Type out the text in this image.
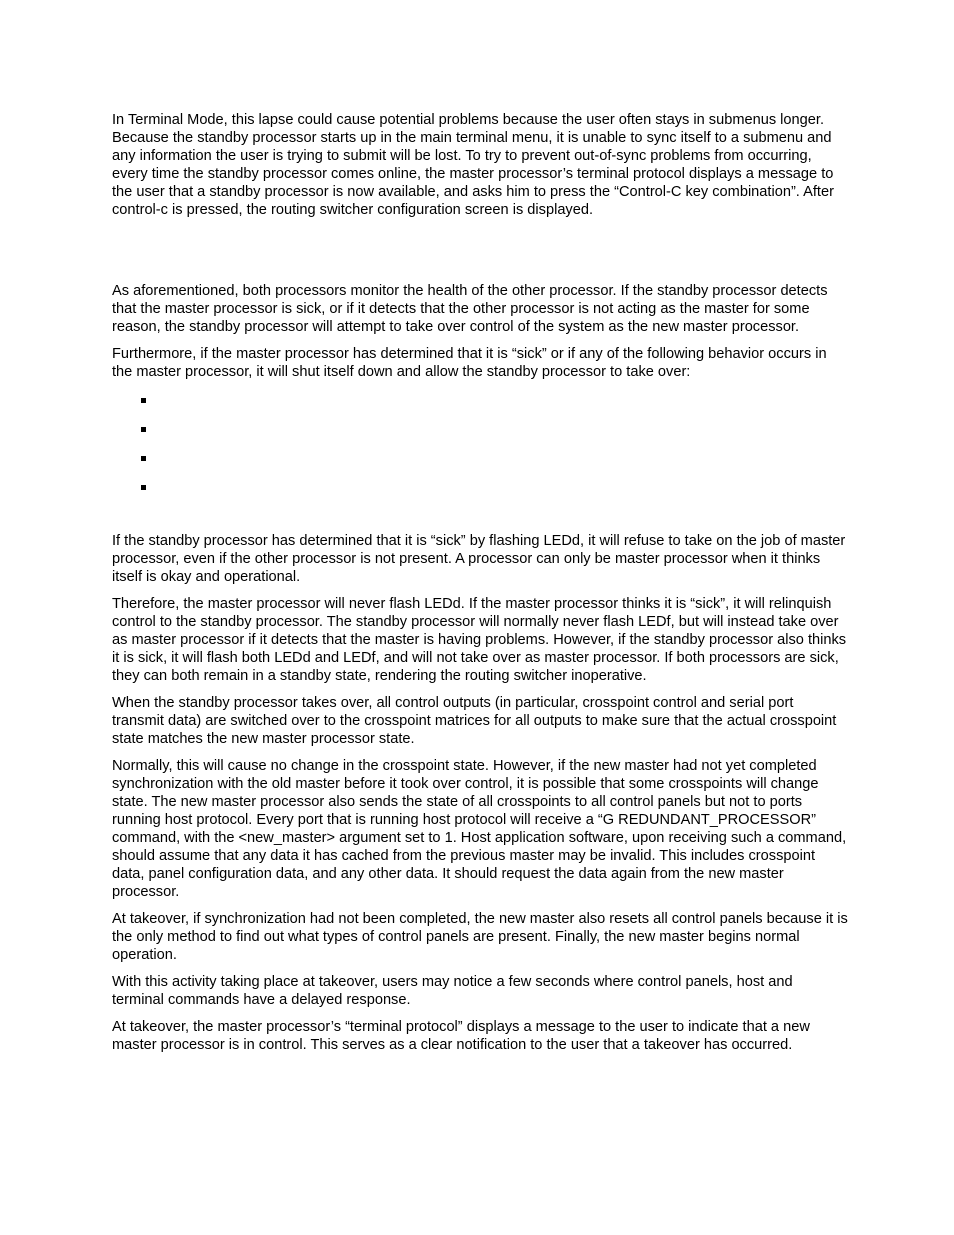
In Terminal Mode, this lapse could cause potential problems because the user often stays in submenus longer. Because the standby processor starts up in the main terminal menu, it is unable to sync itself to a submenu and any information the user is trying to submit will be lost. To try to prevent out-of-sync problems from occurring, every time the standby processor comes online, the master processor’s terminal protocol displays a message to the user that a standby processor is now available, and asks him to press the “Control-C key combination”. After control-c is pressed, the routing switcher configuration screen is displayed.

As aforementioned, both processors monitor the health of the other processor. If the standby processor detects that the master processor is sick, or if it detects that the other processor is not acting as the master for some reason, the standby processor will attempt to take over control of the system as the new master processor.

Furthermore, if the master processor has determined that it is “sick” or if any of the following behavior occurs in the master processor, it will shut itself down and allow the standby processor to take over:

If the standby processor has determined that it is “sick” by flashing LEDd, it will refuse to take on the job of master processor, even if the other processor is not present. A processor can only be master processor when it thinks itself is okay and operational.

Therefore, the master processor will never flash LEDd. If the master processor thinks it is “sick”, it will relinquish control to the standby processor. The standby processor will normally never flash LEDf, but will instead take over as master processor if it detects that the master is having problems. However, if the standby processor also thinks it is sick, it will flash both LEDd and LEDf, and will not take over as master processor. If both processors are sick, they can both remain in a standby state, rendering the routing switcher inoperative.

When the standby processor takes over, all control outputs (in particular, crosspoint control and serial port transmit data) are switched over to the crosspoint matrices for all outputs to make sure that the actual crosspoint state matches the new master processor state.

Normally, this will cause no change in the crosspoint state. However, if the new master had not yet completed synchronization with the old master before it took over control, it is possible that some crosspoints will change state. The new master processor also sends the state of all crosspoints to all control panels but not to ports running host protocol. Every port that is running host protocol will receive a “G REDUNDANT_PROCESSOR” command, with the <new_master> argument set to 1. Host application software, upon receiving such a command, should assume that any data it has cached from the previous master may be invalid. This includes crosspoint data, panel configuration data, and any other data. It should request the data again from the new master processor.

At takeover, if synchronization had not been completed, the new master also resets all control panels because it is the only method to find out what types of control panels are present. Finally, the new master begins normal operation.

With this activity taking place at takeover, users may notice a few seconds where control panels, host and terminal commands have a delayed response.

At takeover, the master processor’s “terminal protocol” displays a message to the user to indicate that a new master processor is in control. This serves as a clear notification to the user that a takeover has occurred.
